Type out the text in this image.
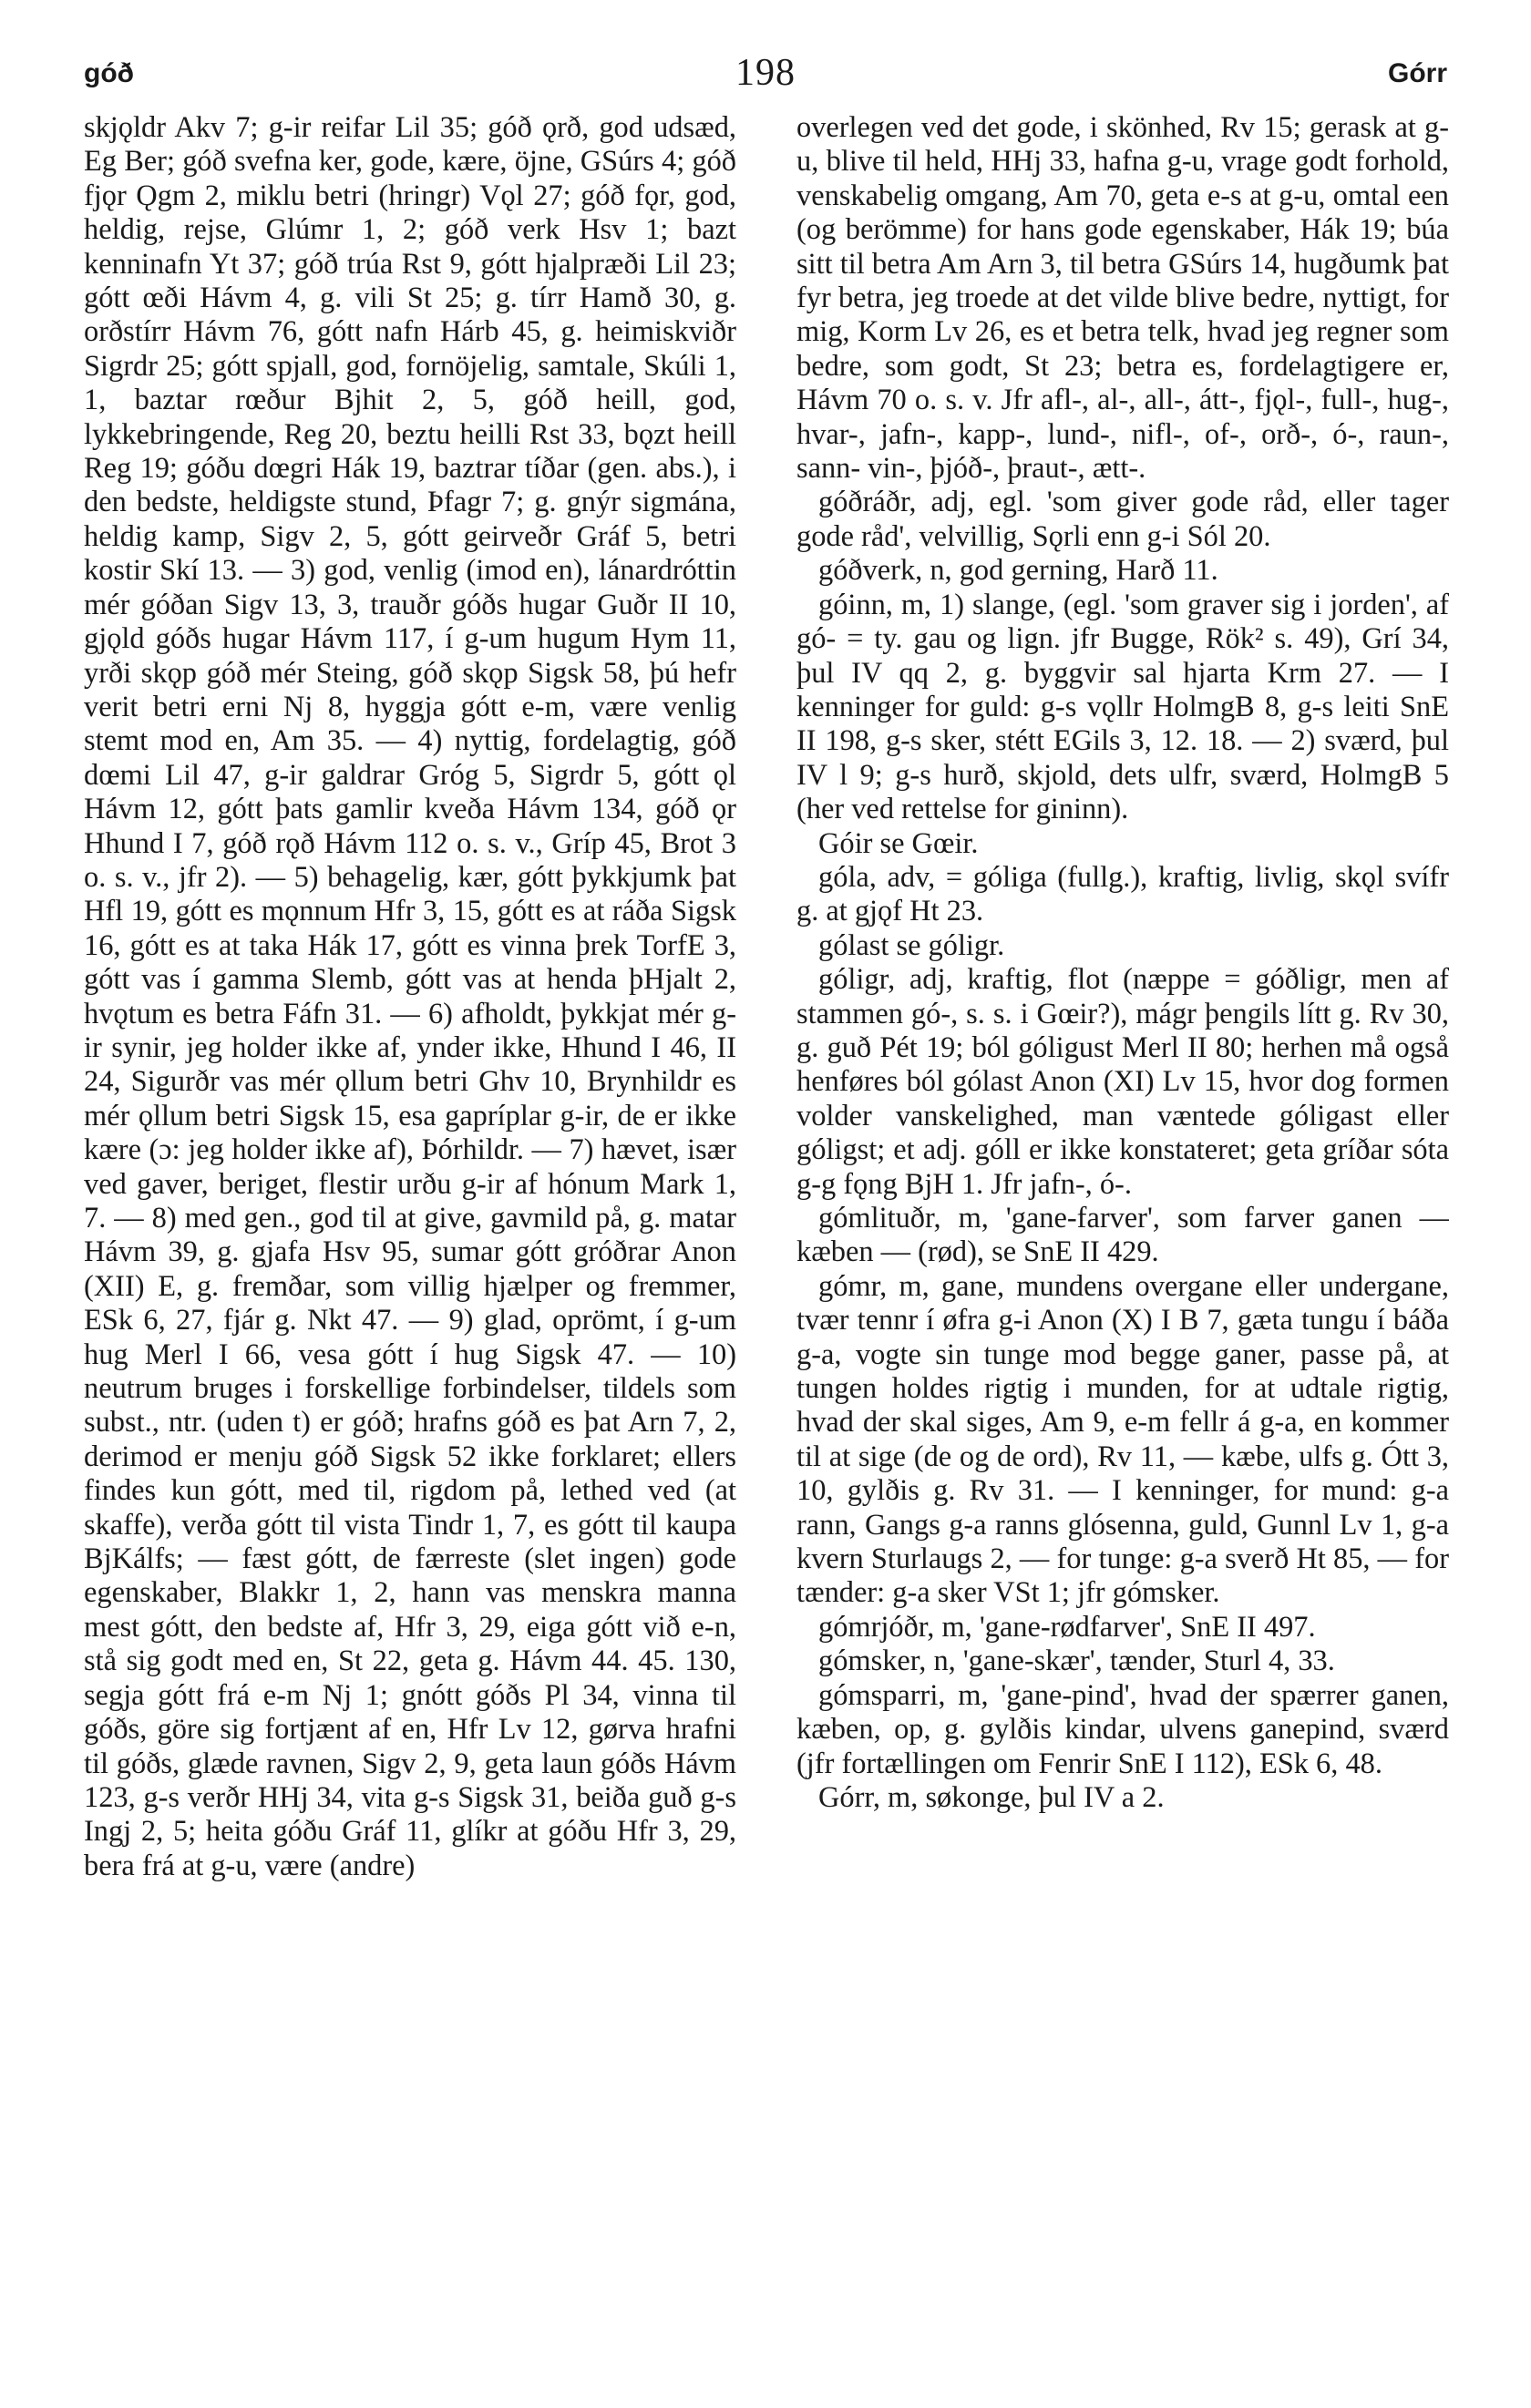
góð	198	Górr

skjǫldr Akv 7; g-ir reifar Lil 35; góð ǫrð, god udsæd, Eg Ber; góð svefna ker, gode, kære, öjne, GSúrs 4; góð fjǫr Ǫgm 2, miklu betri (hringr) Vǫl 27; góð fǫr, god, heldig, rejse, Glúmr 1, 2; góð verk Hsv 1; bazt kenninafn Yt 37; góð trúa Rst 9, gótt hjalpræði Lil 23; gótt œði Hávm 4, g. vili St 25; g. tírr Hamð 30, g. orðstírr Hávm 76, gótt nafn Hárb 45, g. heimiskviðr Sigrdr 25; gótt spjall, god, fornöjelig, samtale, Skúli 1, 1, baztar rœður Bjhit 2, 5, góð heill, god, lykkebringende, Reg 20, beztu heilli Rst 33, bǫzt heill Reg 19; góðu dœgri Hák 19, baztrar tíðar (gen. abs.), i den bedste, heldigste stund, Þfagr 7; g. gnýr sigmána, heldig kamp, Sigv 2, 5, gótt geirveðr Gráf 5, betri kostir Skí 13. — 3) god, venlig (imod en), lánardróttin mér góðan Sigv 13, 3, trauðr góðs hugar Guðr II 10, gjǫld góðs hugar Hávm 117, í g-um hugum Hym 11, yrði skǫp góð mér Steing, góð skǫp Sigsk 58, þú hefr verit betri erni Nj 8, hyggja gótt e-m, være venlig stemt mod en, Am 35. — 4) nyttig, fordelagtig, góð dœmi Lil 47, g-ir galdrar Gróg 5, Sigrdr 5, gótt ǫl Hávm 12, gótt þats gamlir kveða Hávm 134, góð ǫr Hhund I 7, góð rǫð Hávm 112 o. s. v., Gríp 45, Brot 3 o. s. v., jfr 2). — 5) behagelig, kær, gótt þykkjumk þat Hfl 19, gótt es mǫnnum Hfr 3, 15, gótt es at ráða Sigsk 16, gótt es at taka Hák 17, gótt es vinna þrek TorfE 3, gótt vas í gamma Slemb, gótt vas at henda þHjalt 2, hvǫtum es betra Fáfn 31. — 6) afholdt, þykkjat mér g-ir synir, jeg holder ikke af, ynder ikke, Hhund I 46, II 24, Sigurðr vas mér ǫllum betri Ghv 10, Brynhildr es mér ǫllum betri Sigsk 15, esa gapríplar g-ir, de er ikke kære (ɔ: jeg holder ikke af), Þórhildr. — 7) hævet, især ved gaver, beriget, flestir urðu g-ir af hónum Mark 1, 7. — 8) med gen., god til at give, gavmild på, g. matar Hávm 39, g. gjafa Hsv 95, sumar gótt gróðrar Anon (XII) E, g. fremðar, som villig hjælper og fremmer, ESk 6, 27, fjár g. Nkt 47. — 9) glad, oprömt, í g-um hug Merl I 66, vesa gótt í hug Sigsk 47. — 10) neutrum bruges i forskellige forbindelser, tildels som subst., ntr. (uden t) er góð; hrafns góð es þat Arn 7, 2, derimod er menju góð Sigsk 52 ikke forklaret; ellers findes kun gótt, med til, rigdom på, lethed ved (at skaffe), verða gótt til vista Tindr 1, 7, es gótt til kaupa BjKálfs; — fæst gótt, de færreste (slet ingen) gode egenskaber, Blakkr 1, 2, hann vas menskra manna mest gótt, den bedste af, Hfr 3, 29, eiga gótt við e-n, stå sig godt med en, St 22, geta g. Hávm 44. 45. 130, segja gótt frá e-m Nj 1; gnótt góðs Pl 34, vinna til góðs, göre sig fortjænt af en, Hfr Lv 12, gørva hrafni til góðs, glæde ravnen, Sigv 2, 9, geta laun góðs Hávm 123, g-s verðr HHj 34, vita g-s Sigsk 31, beiða guð g-s Ingj 2, 5; heita góðu Gráf 11, glíkr at góðu Hfr 3, 29, bera frá at g-u, være (andre)

overlegen ved det gode, i skönhed, Rv 15; gerask at g-u, blive til held, HHj 33, hafna g-u, vrage godt forhold, venskabelig omgang, Am 70, geta e-s at g-u, omtal een (og berömme) for hans gode egenskaber, Hák 19; búa sitt til betra Am Arn 3, til betra GSúrs 14, hugðumk þat fyr betra, jeg troede at det vilde blive bedre, nyttigt, for mig, Korm Lv 26, es et betra telk, hvad jeg regner som bedre, som godt, St 23; betra es, fordelagtigere er, Hávm 70 o. s. v. Jfr afl-, al-, all-, átt-, fjǫl-, full-, hug-, hvar-, jafn-, kapp-, lund-, nifl-, of-, orð-, ó-, raun-, sann- vin-, þjóð-, þraut-, ætt-.

góðráðr, adj, egl. 'som giver gode råd, eller tager gode råd', velvillig, Sǫrli enn g-i Sól 20.

góðverk, n, god gerning, Harð 11.

góinn, m, 1) slange, (egl. 'som graver sig i jorden', af gó- = ty. gau og lign. jfr Bugge, Rök² s. 49), Grí 34, þul IV qq 2, g. byggvir sal hjarta Krm 27. — I kenninger for guld: g-s vǫllr HolmgB 8, g-s leiti SnE II 198, g-s sker, stétt EGils 3, 12. 18. — 2) sværd, þul IV l 9; g-s hurð, skjold, dets ulfr, sværd, HolmgB 5 (her ved rettelse for gininn).

Góir se Gœir.

góla, adv, = góliga (fullg.), kraftig, livlig, skǫl svífr g. at gjǫf Ht 23.

gólast se góligr.

góligr, adj, kraftig, flot (næppe = góðligr, men af stammen gó-, s. s. i Gœir?), mágr þengils lítt g. Rv 30, g. guð Pét 19; ból góligust Merl II 80; herhen må også henføres ból gólast Anon (XI) Lv 15, hvor dog formen volder vanskelighed, man væntede góligast eller góligst; et adj. góll er ikke konstateret; geta gríðar sóta g-g fǫng BjH 1. Jfr jafn-, ó-.

gómlituðr, m, 'gane-farver', som farver ganen — kæben — (rød), se SnE II 429.

gómr, m, gane, mundens overgane eller undergane, tvær tennr í øfra g-i Anon (X) I B 7, gæta tungu í báða g-a, vogte sin tunge mod begge ganer, passe på, at tungen holdes rigtig i munden, for at udtale rigtig, hvad der skal siges, Am 9, e-m fellr á g-a, en kommer til at sige (de og de ord), Rv 11, — kæbe, ulfs g. Ótt 3, 10, gylðis g. Rv 31. — I kenninger, for mund: g-a rann, Gangs g-a ranns glósenna, guld, Gunnl Lv 1, g-a kvern Sturlaugs 2, — for tunge: g-a sverð Ht 85, — for tænder: g-a sker VSt 1; jfr gómsker.

gómrjóðr, m, 'gane-rødfarver', SnE II 497.

gómsker, n, 'gane-skær', tænder, Sturl 4, 33.

gómsparri, m, 'gane-pind', hvad der spærrer ganen, kæben, op, g. gylðis kindar, ulvens ganepind, sværd (jfr fortællingen om Fenrir SnE I 112), ESk 6, 48.

Górr, m, søkonge, þul IV a 2.
